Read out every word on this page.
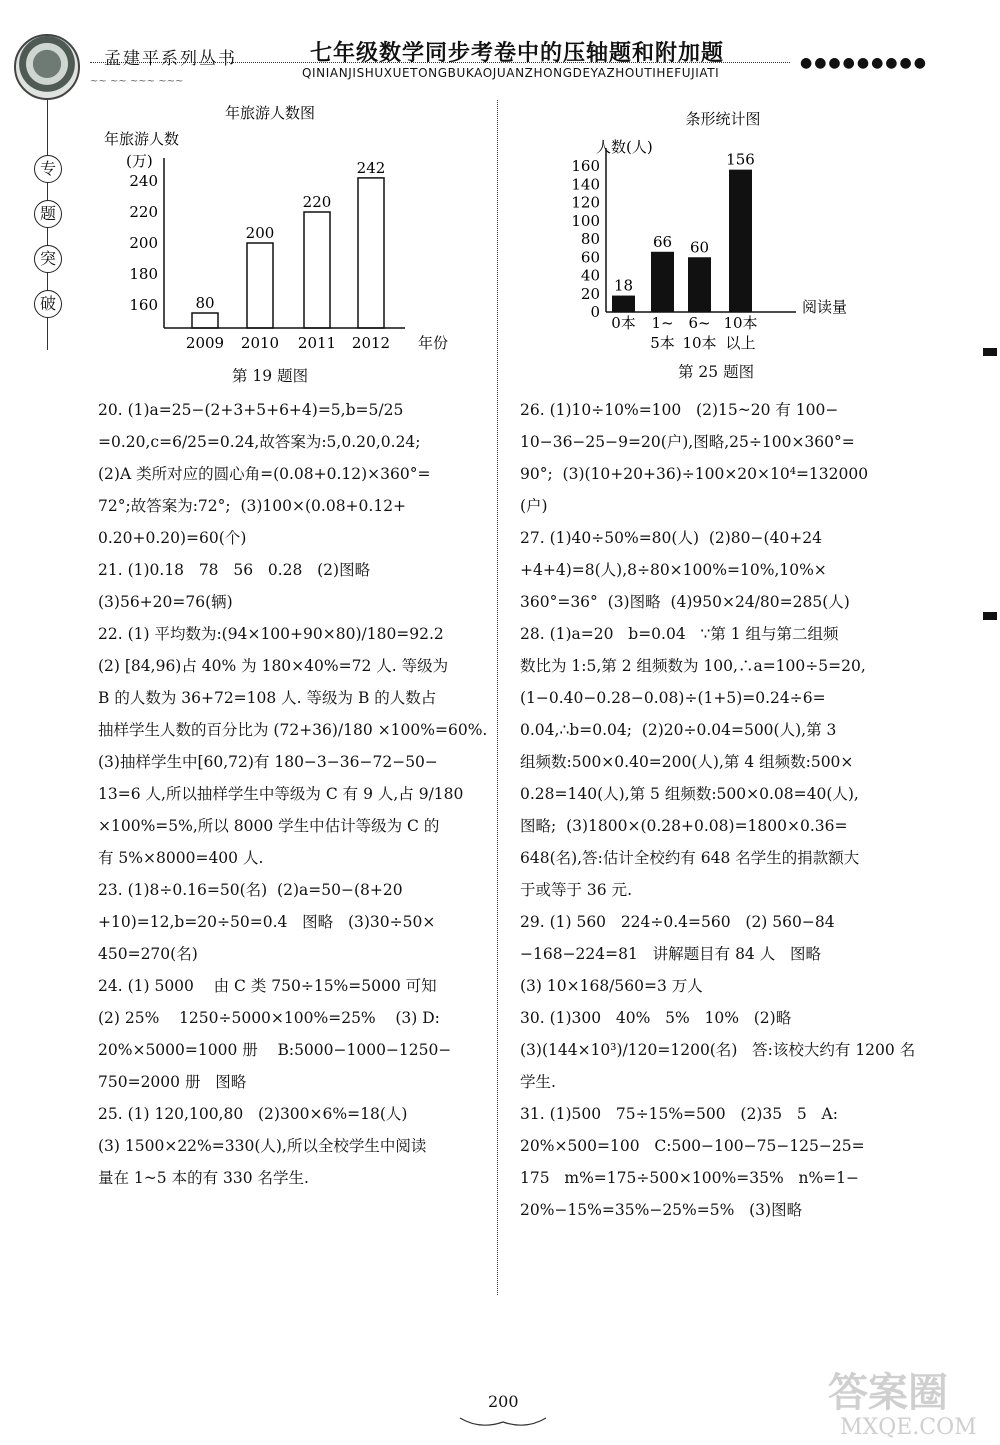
孟建平系列丛书	七年级数学同步考卷中的压轴题和附加题	●●●●●●●●●
QINIANJISHUXUETONGBUKAOJUANZHONGDEYAZHOUTIHEFUJIATI
~~ ~~ ~~~ ~~~
专
题
突
破
年旅游人数图
年旅游人数
(万)
240
220
200
180
160 80
2009
200
2010
220
2011
242
2012 年份
第 19 题图
条形统计图
人数(人)
160
140
120
100
80
60
40
20
0
18
0本
66
1~
5本
60
6~
10本
156
10本
以上
阅读量
第 25 题图

20. (1)a=25−(2+3+5+6+4)=5,b=5/25

=0.20,c=6/25=0.24,故答案为:5,0.20,0.24;

(2)A 类所对应的圆心角=(0.08+0.12)×360°=

72°;故答案为:72°;  (3)100×(0.08+0.12+

0.20+0.20)=60(个)

21. (1)0.18   78   56   0.28   (2)图略

(3)56+20=76(辆)

22. (1) 平均数为:(94×100+90×80)/180=92.2

(2) [84,96)占 40% 为 180×40%=72 人. 等级为

B 的人数为 36+72=108 人. 等级为 B 的人数占

抽样学生人数的百分比为 (72+36)/180 ×100%=60%.

(3)抽样学生中[60,72)有 180−3−36−72−50−

13=6 人,所以抽样学生中等级为 C 有 9 人,占 9/180

×100%=5%,所以 8000 学生中估计等级为 C 的

有 5%×8000=400 人.

23. (1)8÷0.16=50(名)  (2)a=50−(8+20

+10)=12,b=20÷50=0.4   图略   (3)30÷50×

450=270(名)

24. (1) 5000    由 C 类 750÷15%=5000 可知

(2) 25%    1250÷5000×100%=25%    (3) D:

20%×5000=1000 册    B:5000−1000−1250−

750=2000 册   图略

25. (1) 120,100,80   (2)300×6%=18(人)

(3) 1500×22%=330(人),所以全校学生中阅读

量在 1~5 本的有 330 名学生.

26. (1)10÷10%=100   (2)15~20 有 100−

10−36−25−9=20(户),图略,25÷100×360°=

90°;  (3)(10+20+36)÷100×20×10⁴=132000

(户)

27. (1)40÷50%=80(人)  (2)80−(40+24

+4+4)=8(人),8÷80×100%=10%,10%×

360°=36°  (3)图略  (4)950×24/80=285(人)

28. (1)a=20   b=0.04   ∵第 1 组与第二组频

数比为 1:5,第 2 组频数为 100,∴a=100÷5=20,

(1−0.40−0.28−0.08)÷(1+5)=0.24÷6=

0.04,∴b=0.04;  (2)20÷0.04=500(人),第 3

组频数:500×0.40=200(人),第 4 组频数:500×

0.28=140(人),第 5 组频数:500×0.08=40(人),

图略;  (3)1800×(0.28+0.08)=1800×0.36=

648(名),答:估计全校约有 648 名学生的捐款额大

于或等于 36 元.

29. (1) 560   224÷0.4=560   (2) 560−84

−168−224=81   讲解题目有 84 人   图略

(3) 10×168/560=3 万人

30. (1)300   40%   5%   10%   (2)略

(3)(144×10³)/120=1200(名)   答:该校大约有 1200 名

学生.

31. (1)500   75÷15%=500   (2)35   5   A:

20%×500=100   C:500−100−75−125−25=

175   m%=175÷500×100%=35%   n%=1−

20%−15%=35%−25%=5%   (3)图略

200	答案圈
MXQE.COM
